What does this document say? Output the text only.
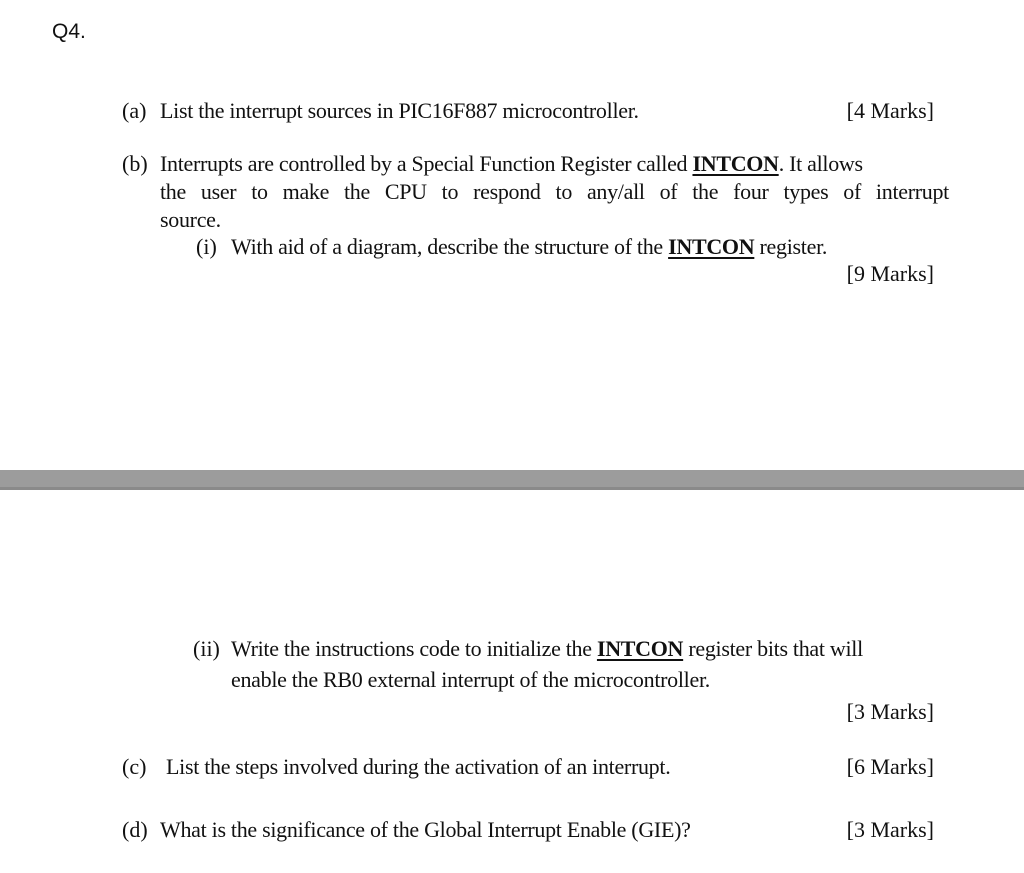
Q4.
(a) List the interrupt sources in PIC16F887 microcontroller.	[4 Marks]
(b) Interrupts are controlled by a Special Function Register called INTCON. It allows
the user to make the CPU to respond to any/all of the four types of interrupt
source.
(i) With aid of a diagram, describe the structure of the INTCON register.
[9 Marks]
(ii) Write the instructions code to initialize the INTCON register bits that will
enable the RB0 external interrupt of the microcontroller.
[3 Marks]
(c) List the steps involved during the activation of an interrupt.	[6 Marks]
(d) What is the significance of the Global Interrupt Enable (GIE)?	[3 Marks]
